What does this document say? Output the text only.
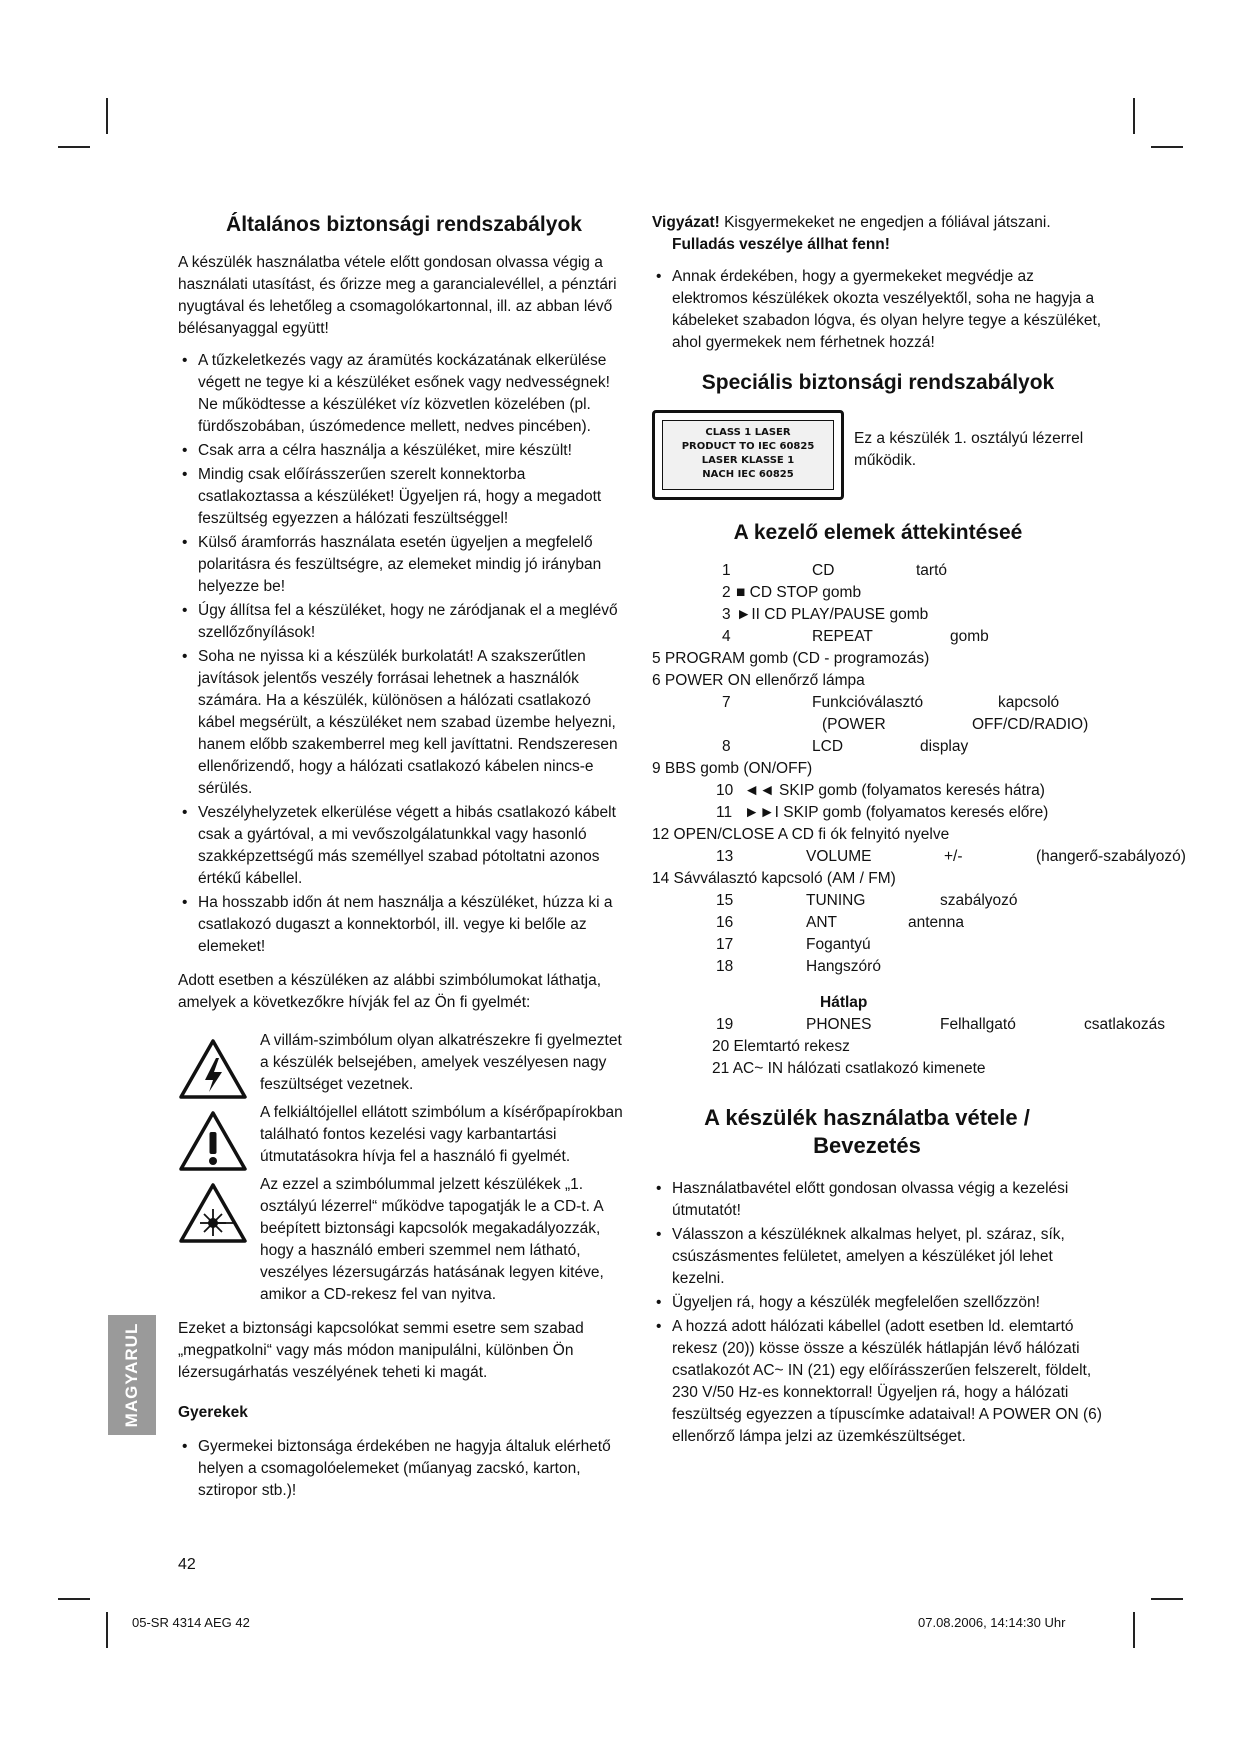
Általános biztonsági rendszabályok

A készülék használatba vétele előtt gondosan olvassa végig a használati utasítást, és őrizze meg a garancialevéllel, a pénztári nyugtával és lehetőleg a csomagolókartonnal, ill. az abban lévő bélésanyaggal együtt!

• A tűzkeletkezés vagy az áramütés kockázatának elkerülése végett ne tegye ki a készüléket esőnek vagy nedvességnek! Ne működtesse a készüléket víz közvetlen közelében (pl. fürdőszobában, úszómedence mellett, nedves pincében).
• Csak arra a célra használja a készüléket, mire készült!
• Mindig csak előírásszerűen szerelt konnektorba csatlakoztassa a készüléket! Ügyeljen rá, hogy a megadott feszültség egyezzen a hálózati feszültséggel!
• Külső áramforrás használata esetén ügyeljen a megfelelő polaritásra és feszültségre, az elemeket mindig jó irányban helyezze be!
• Úgy állítsa fel a készüléket, hogy ne záródjanak el a meglévő szellőzőnyílások!
• Soha ne nyissa ki a készülék burkolatát! A szakszerűtlen javítások jelentős veszély forrásai lehetnek a használók számára. Ha a készülék, különösen a hálózati csatlakozó kábel megsérült, a készüléket nem szabad üzembe helyezni, hanem előbb szakemberrel meg kell javíttatni. Rendszeresen ellenőrizendő, hogy a hálózati csatlakozó kábelen nincs-e sérülés.
• Veszélyhelyzetek elkerülése végett a hibás csatlakozó kábelt csak a gyártóval, a mi vevőszolgálatunkkal vagy hasonló szakképzettségű más személlyel szabad pótoltatni azonos értékű kábellel.
• Ha hosszabb időn át nem használja a készüléket, húzza ki a csatlakozó dugaszt a konnektorból, ill. vegye ki belőle az elemeket!

Adott esetben a készüléken az alábbi szimbólumokat láthatja, amelyek a következőkre hívják fel az Ön fi gyelmét:

A villám-szimbólum olyan alkatrészekre fi gyelmeztet a készülék belsejében, amelyek veszélyesen nagy feszültséget vezetnek.
A felkiáltójellel ellátott szimbólum a kísérőpapírokban található fontos kezelési vagy karbantartási útmutatásokra hívja fel a használó fi gyelmét.
Az ezzel a szimbólummal jelzett készülékek „1. osztályú lézerrel“ működve tapogatják le a CD-t. A beépített biztonsági kapcsolók megakadályozzák, hogy a használó emberi szemmel nem látható, veszélyes lézersugárzás hatásának legyen kitéve, amikor a CD-rekesz fel van nyitva.

Ezeket a biztonsági kapcsolókat semmi esetre sem szabad „megpatkolni“ vagy más módon manipulálni, különben Ön lézersugárhatás veszélyének teheti ki magát.

Gyerekek
• Gyermekei biztonsága érdekében ne hagyja általuk elérhető helyen a csomagolóelemeket (műanyag zacskó, karton, sztiropor stb.)!
Vigyázat! Kisgyermekeket ne engedjen a fóliával játszani.
Fulladás veszélye állhat fenn!
• Annak érdekében, hogy a gyermekeket megvédje az elektromos készülékek okozta veszélyektől, soha ne hagyja a kábeleket szabadon lógva, és olyan helyre tegye a készüléket, ahol gyermekek nem férhetnek hozzá!
Speciális biztonsági rendszabályok
CLASS 1 LASER
PRODUCT TO IEC 60825
LASER KLASSE 1
NACH IEC 60825
Ez a készülék 1. osztályú lézerrel működik.
A kezelő elemek áttekintéseé
1	CD	tartó
2 ■ CD STOP gomb
3 ►II CD PLAY/PAUSE gomb
4	REPEAT	gomb
5 PROGRAM gomb (CD - programozás)
6 POWER ON ellenőrző lámpa
7	Funkcióválasztó	kapcsoló
(POWER	OFF/CD/RADIO)
8	LCD	display
9 BBS gomb (ON/OFF)
10 ◄◄ SKIP gomb (folyamatos keresés hátra)
11 ►►I SKIP gomb (folyamatos keresés előre)
12 OPEN/CLOSE A CD fi ók felnyitó nyelve
13	VOLUME	+/-	(hangerő-szabályozó)
14 Sávválasztó kapcsoló (AM / FM)
15	TUNING	szabályozó
16	ANT	antenna
17	Fogantyú
18	Hangszóró
Hátlap
19	PHONES	Felhallgató	csatlakozás
20 Elemtartó rekesz
21 AC~ IN hálózati csatlakozó kimenete
A készülék használatba vétele / Bevezetés
• Használatbavétel előtt gondosan olvassa végig a kezelési útmutatót!
• Válasszon a készüléknek alkalmas helyet, pl. száraz, sík, csúszásmentes felületet, amelyen a készüléket jól lehet kezelni.
• Ügyeljen rá, hogy a készülék megfelelően szellőzzön!
• A hozzá adott hálózati kábellel (adott esetben ld. elemtartó rekesz (20)) kösse össze a készülék hátlapján lévő hálózati csatlakozót AC~ IN (21) egy előírásszerűen felszerelt, földelt, 230 V/50 Hz-es konnektorral! Ügyeljen rá, hogy a hálózati feszültség egyezzen a típuscímke adataival! A POWER ON (6) ellenőrző lámpa jelzi az üzemkészültséget.
MAGYARUL
42
05-SR 4314 AEG 42	07.08.2006, 14:14:30 Uhr
